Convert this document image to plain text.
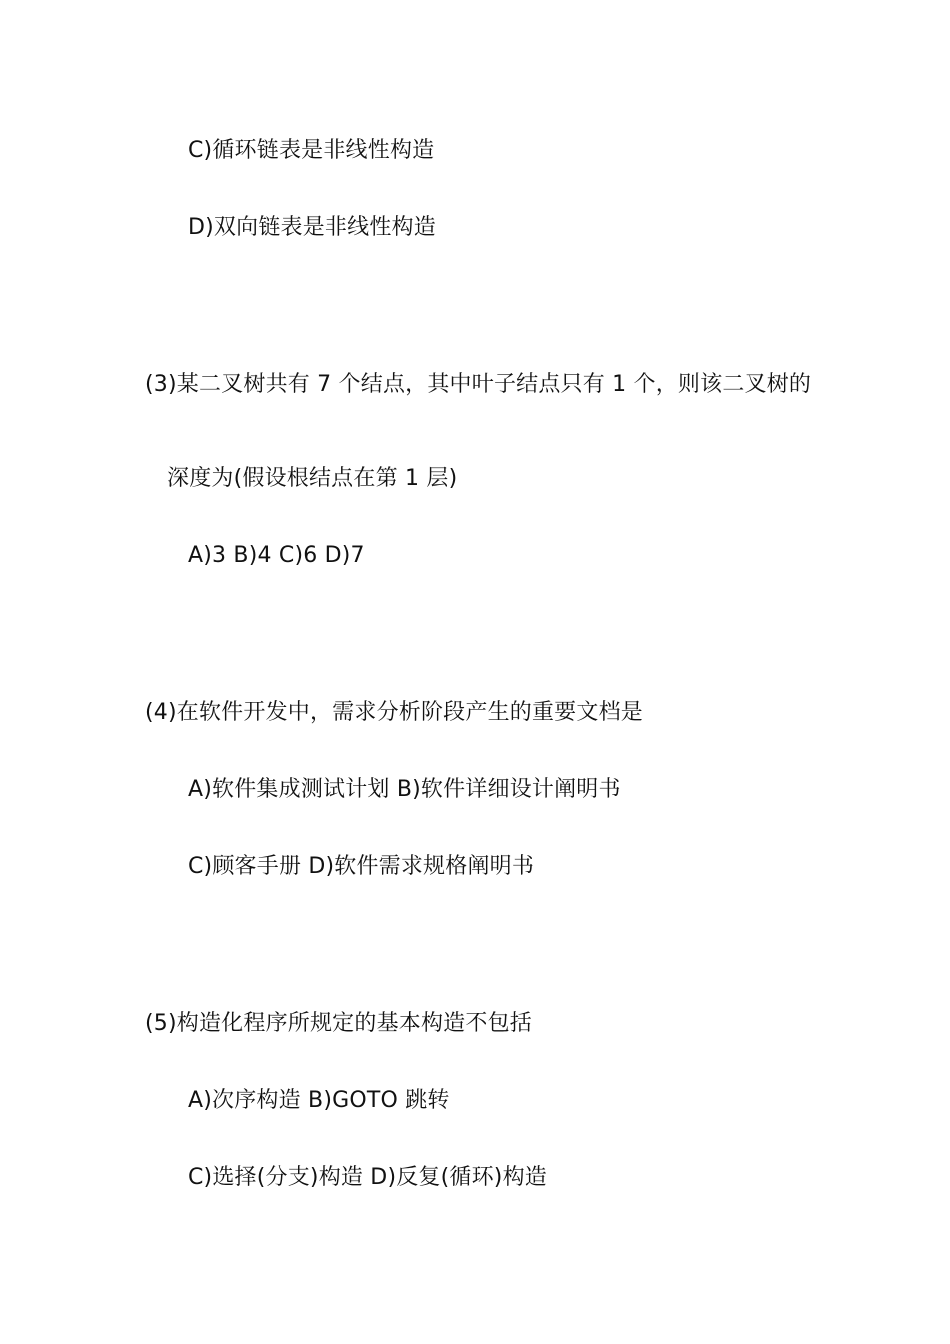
C)循环链表是非线性构造
D)双向链表是非线性构造
(3)某二叉树共有 7 个结点，其中叶子结点只有 1 个，则该二叉树的
深度为(假设根结点在第 1 层)
A)3 B)4 C)6 D)7
(4)在软件开发中，需求分析阶段产生的重要文档是
A)软件集成测试计划 B)软件详细设计阐明书
C)顾客手册 D)软件需求规格阐明书
(5)构造化程序所规定的基本构造不包括
A)次序构造 B)GOTO 跳转
C)选择(分支)构造 D)反复(循环)构造
